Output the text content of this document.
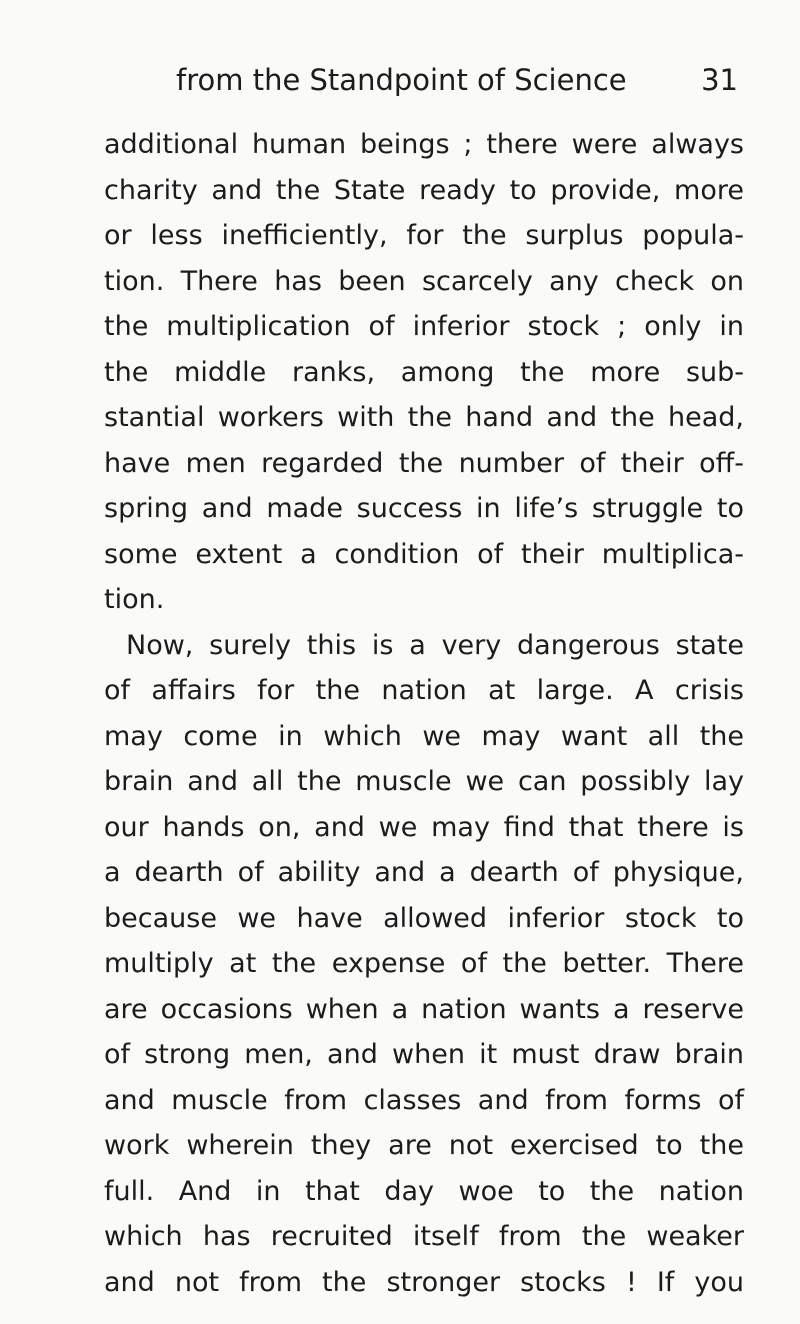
from the Standpoint of Science	31
additional human beings ; there were always
charity and the State ready to provide, more
or less inefficiently, for the surplus popula-
tion. There has been scarcely any check on
the multiplication of inferior stock ; only in
the middle ranks, among the more sub-
stantial workers with the hand and the head,
have men regarded the number of their off-
spring and made success in life’s struggle to
some extent a condition of their multiplica-
tion.
Now, surely this is a very dangerous state
of affairs for the nation at large. A crisis
may come in which we may want all the
brain and all the muscle we can possibly lay
our hands on, and we may find that there is
a dearth of ability and a dearth of physique,
because we have allowed inferior stock to
multiply at the expense of the better. There
are occasions when a nation wants a reserve
of strong men, and when it must draw brain
and muscle from classes and from forms of
work wherein they are not exercised to the
full. And in that day woe to the nation
which has recruited itself from the weaker
and not from the stronger stocks ! If you
